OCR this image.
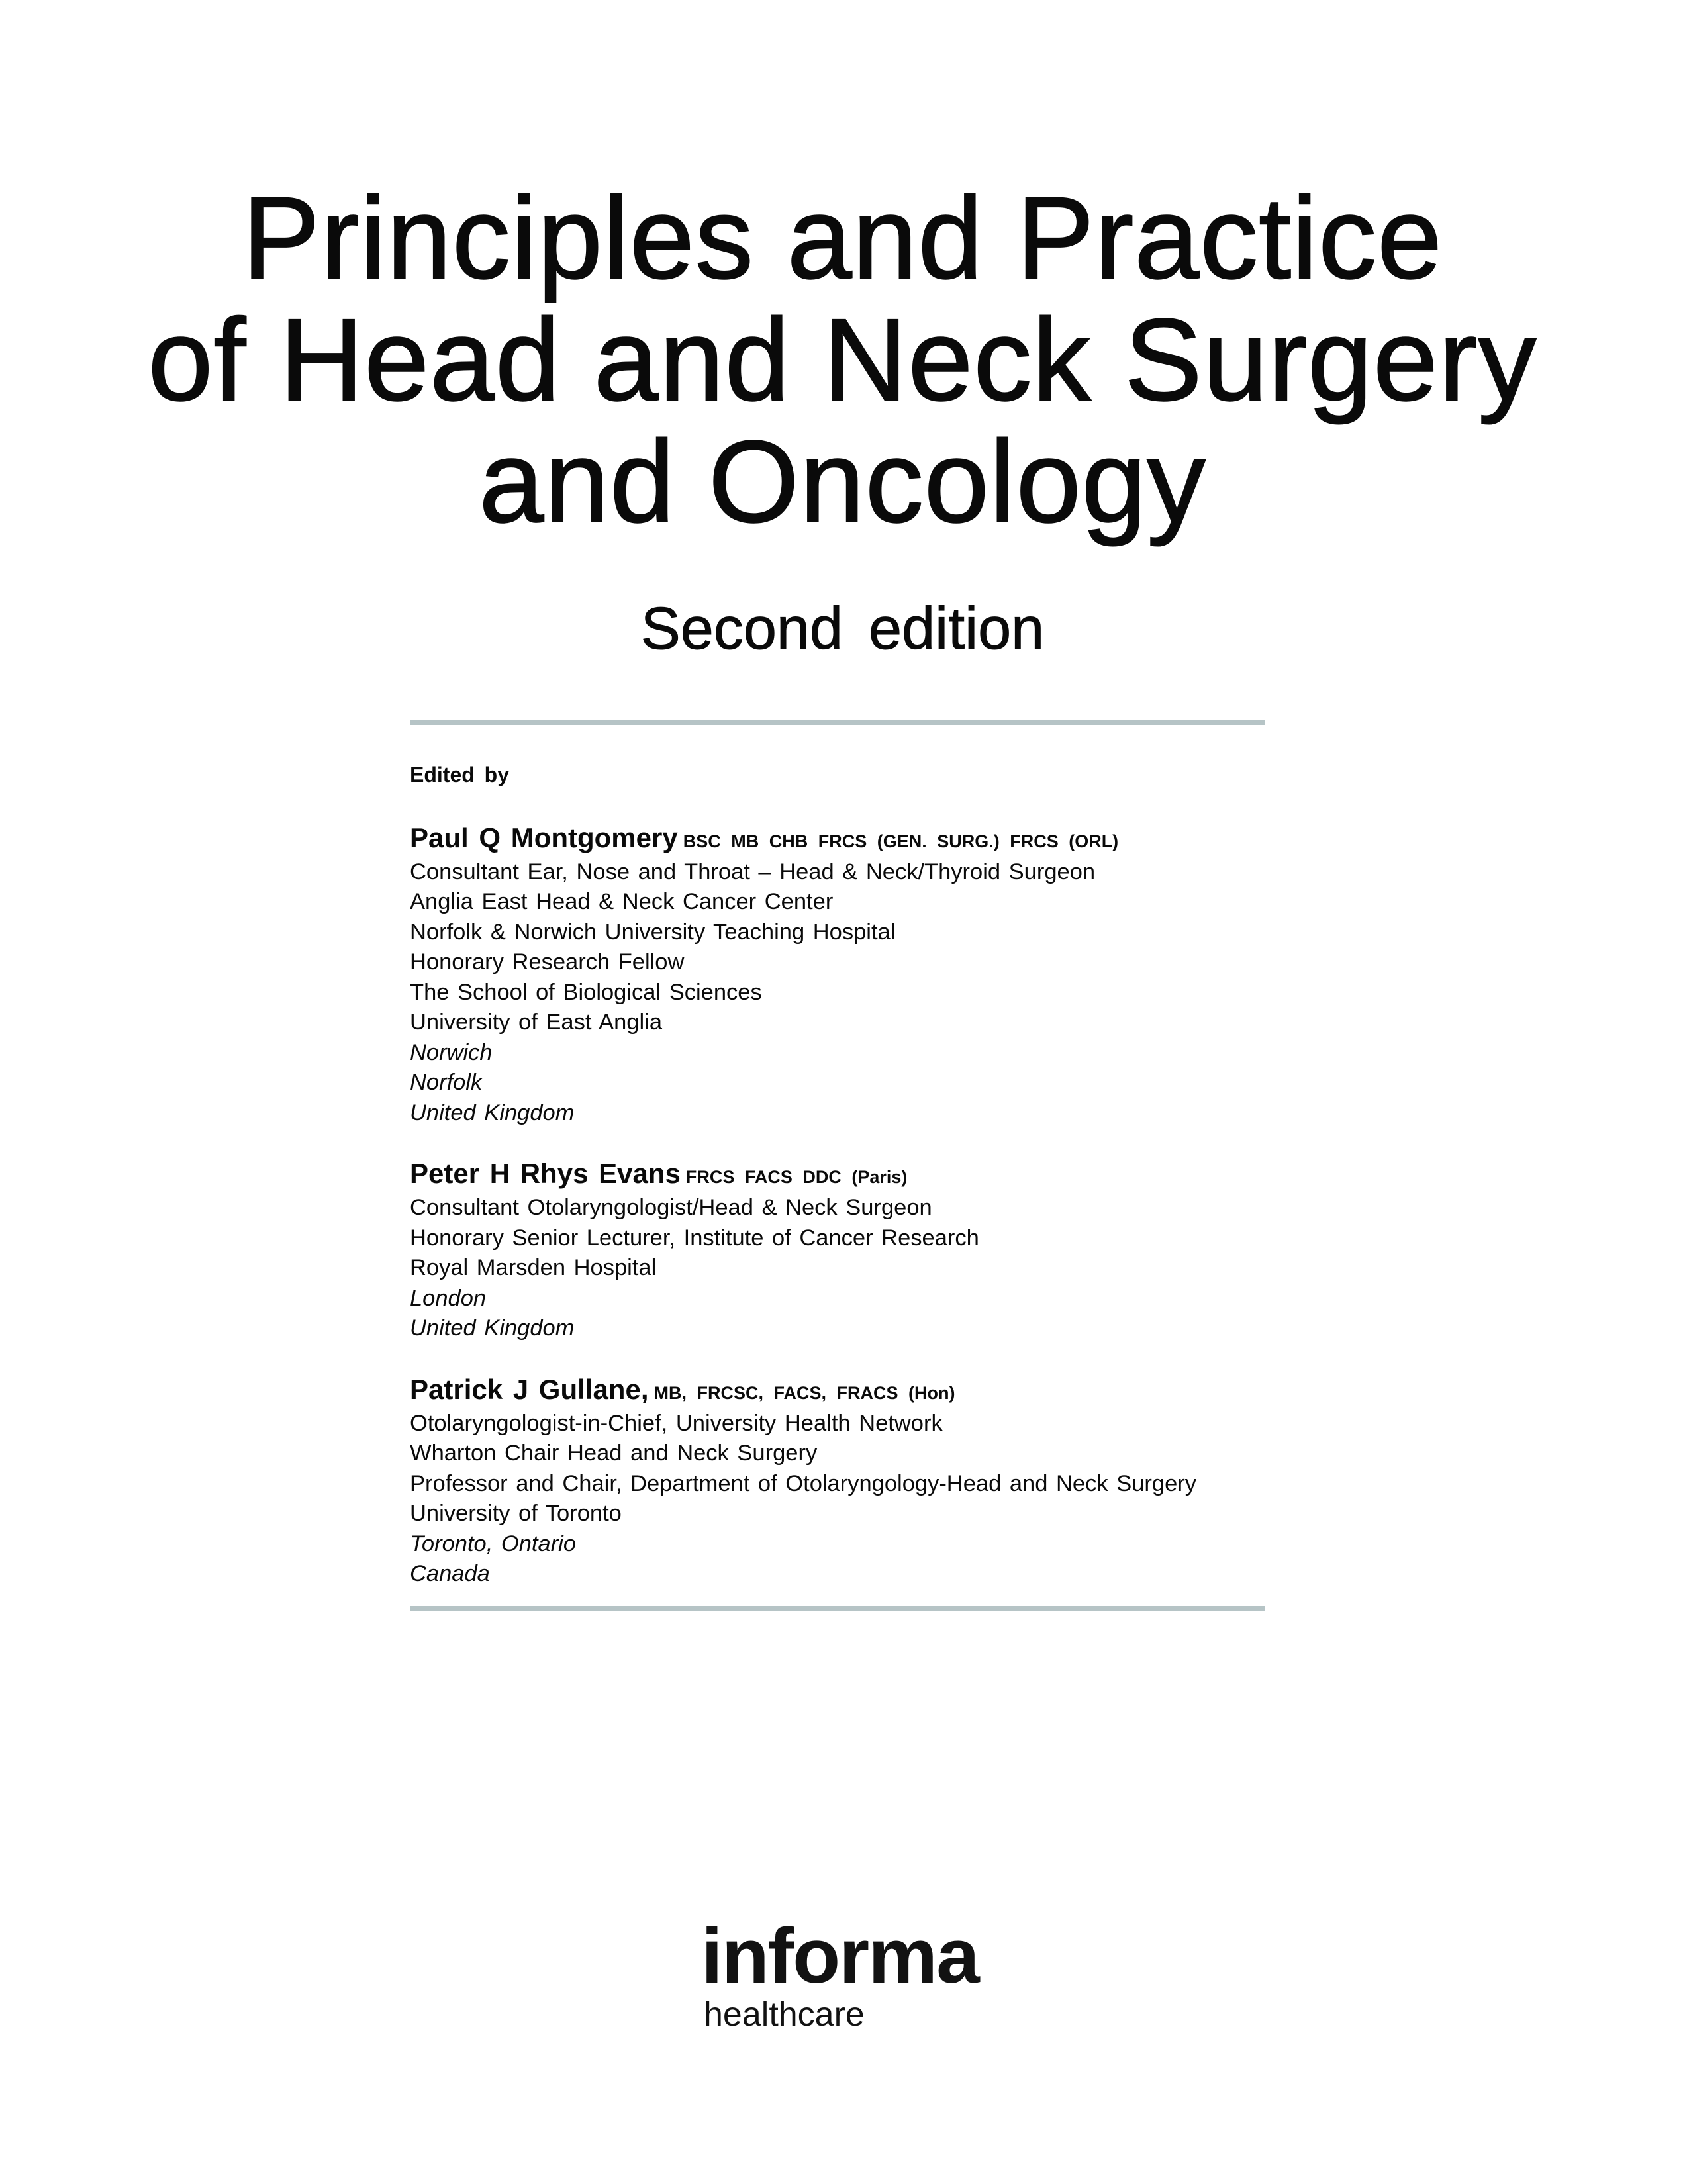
Principles and Practice
of Head and Neck Surgery
and Oncology
Second edition
Edited by
Paul Q Montgomery BSC MB CHB FRCS (GEN. SURG.) FRCS (ORL)
Consultant Ear, Nose and Throat – Head & Neck/Thyroid Surgeon
Anglia East Head & Neck Cancer Center
Norfolk & Norwich University Teaching Hospital
Honorary Research Fellow
The School of Biological Sciences
University of East Anglia
Norwich
Norfolk
United Kingdom
Peter H Rhys Evans FRCS FACS DDC (Paris)
Consultant Otolaryngologist/Head & Neck Surgeon
Honorary Senior Lecturer, Institute of Cancer Research
Royal Marsden Hospital
London
United Kingdom
Patrick J Gullane, MB, FRCSC, FACS, FRACS (Hon)
Otolaryngologist-in-Chief, University Health Network
Wharton Chair Head and Neck Surgery
Professor and Chair, Department of Otolaryngology-Head and Neck Surgery
University of Toronto
Toronto, Ontario
Canada
informa
healthcare
